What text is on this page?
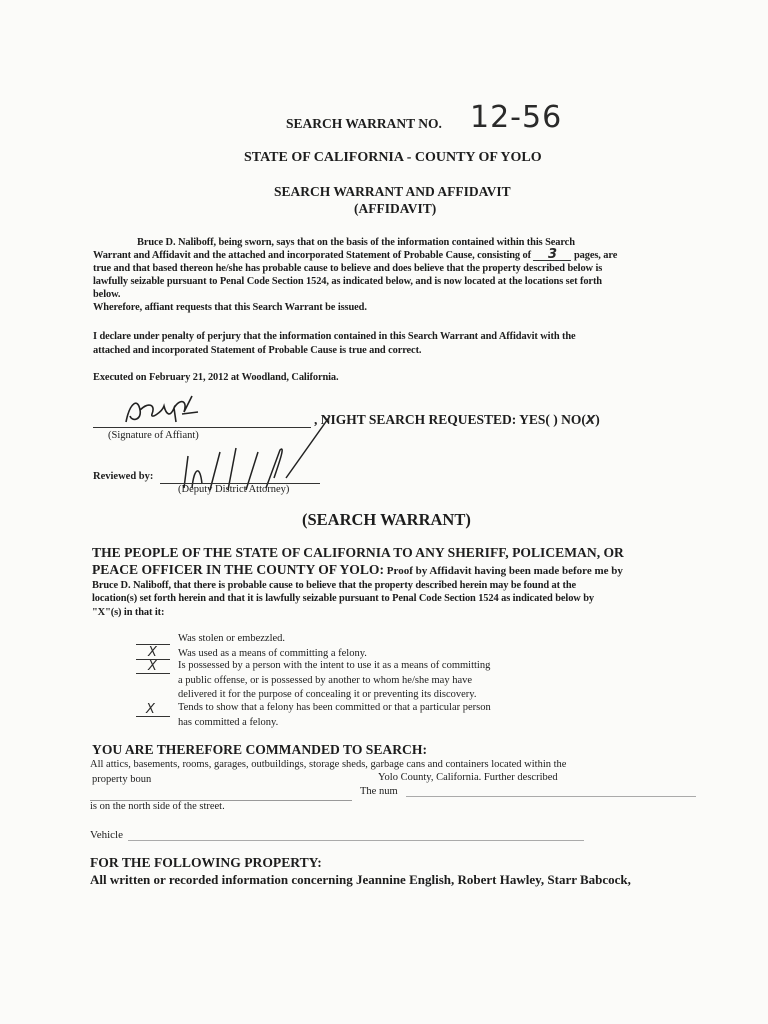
SEARCH WARRANT NO. 12-56
STATE OF CALIFORNIA - COUNTY OF YOLO
SEARCH WARRANT AND AFFIDAVIT
(AFFIDAVIT)
Bruce D. Naliboff, being sworn, says that on the basis of the information contained within this Search
Warrant and Affidavit and the attached and incorporated Statement of Probable Cause, consisting of 3 pages, are
true and that based thereon he/she has probable cause to believe and does believe that the property described below is
lawfully seizable pursuant to Penal Code Section 1524, as indicated below, and is now located at the locations set forth
below.
Wherefore, affiant requests that this Search Warrant be issued.
I declare under penalty of perjury that the information contained in this Search Warrant and Affidavit with the
attached and incorporated Statement of Probable Cause is true and correct.
Executed on February 21, 2012 at Woodland, California.
, NIGHT SEARCH REQUESTED: YES( ) NO(X)
(Signature of Affiant)
Reviewed by:
(Deputy District Attorney)
(SEARCH WARRANT)
THE PEOPLE OF THE STATE OF CALIFORNIA TO ANY SHERIFF, POLICEMAN, OR
PEACE OFFICER IN THE COUNTY OF YOLO: Proof by Affidavit having been made before me by
Bruce D. Naliboff, that there is probable cause to believe that the property described herein may be found at the
location(s) set forth herein and that it is lawfully seizable pursuant to Penal Code Section 1524 as indicated below by
"X"(s) in that it:
Was stolen or embezzled.
X Was used as a means of committing a felony.
X Is possessed by a person with the intent to use it as a means of committing
a public offense, or is possessed by another to whom he/she may have
delivered it for the purpose of concealing it or preventing its discovery.
X Tends to show that a felony has been committed or that a particular person
has committed a felony.
YOU ARE THEREFORE COMMANDED TO SEARCH:
All attics, basements, rooms, garages, outbuildings, storage sheds, garbage cans and containers located within the
property boun	Yolo County, California. Further described
The num
is on the north side of the street.
Vehicle
FOR THE FOLLOWING PROPERTY:
All written or recorded information concerning Jeannine English, Robert Hawley, Starr Babcock,
